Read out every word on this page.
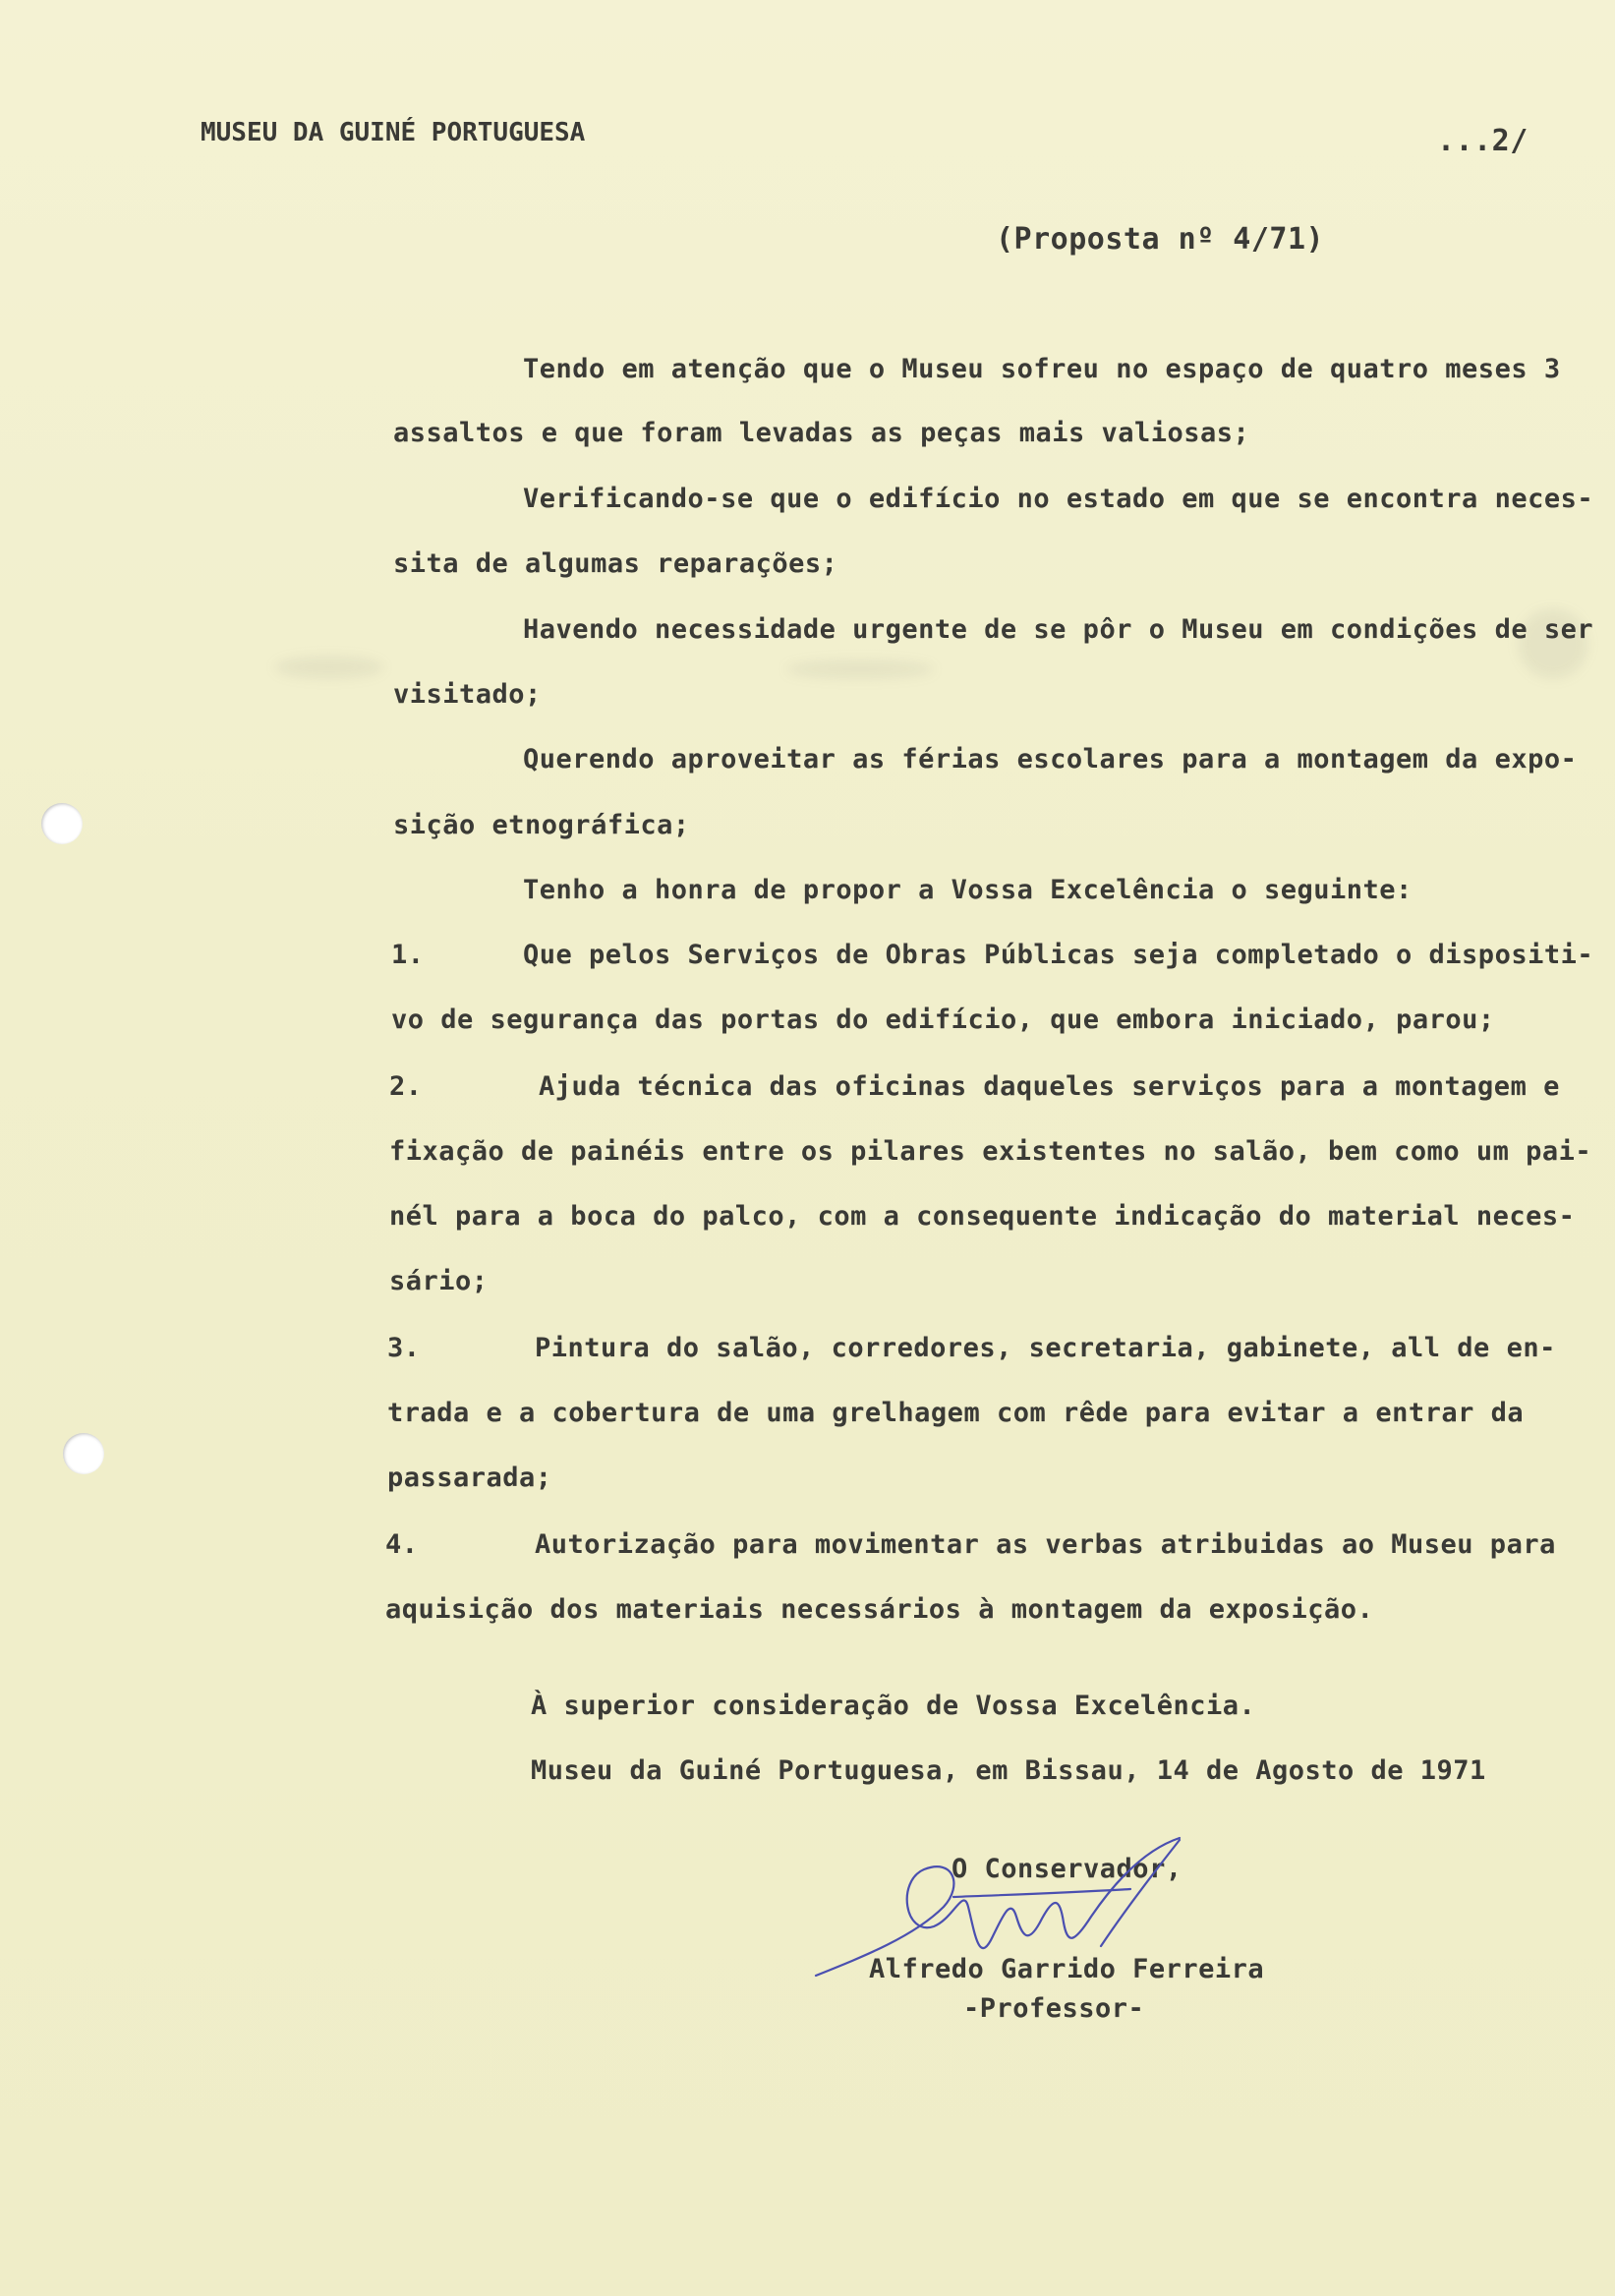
MUSEU DA GUINÉ PORTUGUESA	...2/
(Proposta nº 4/71)
Tendo em atenção que o Museu sofreu no espaço de quatro meses 3
assaltos e que foram levadas as peças mais valiosas;
Verificando-se que o edifício no estado em que se encontra neces-
sita de algumas reparações;
Havendo necessidade urgente de se pôr o Museu em condições de ser
visitado;
Querendo aproveitar as férias escolares para a montagem da expo-
sição etnográfica;
Tenho a honra de propor a Vossa Excelência o seguinte:
1.	Que pelos Serviços de Obras Públicas seja completado o dispositi-
vo de segurança das portas do edifício, que embora iniciado, parou;
2.	Ajuda técnica das oficinas daqueles serviços para a montagem e
fixação de painéis entre os pilares existentes no salão, bem como um pai-
nél para a boca do palco, com a consequente indicação do material neces-
sário;
3.	Pintura do salão, corredores, secretaria, gabinete, all de en-
trada e a cobertura de uma grelhagem com rêde para evitar a entrar da
passarada;
4.	Autorização para movimentar as verbas atribuidas ao Museu para
aquisição dos materiais necessários à montagem da exposição.
À superior consideração de Vossa Excelência.
Museu da Guiné Portuguesa, em Bissau, 14 de Agosto de 1971
O Conservador,
Alfredo Garrido Ferreira
-Professor-
